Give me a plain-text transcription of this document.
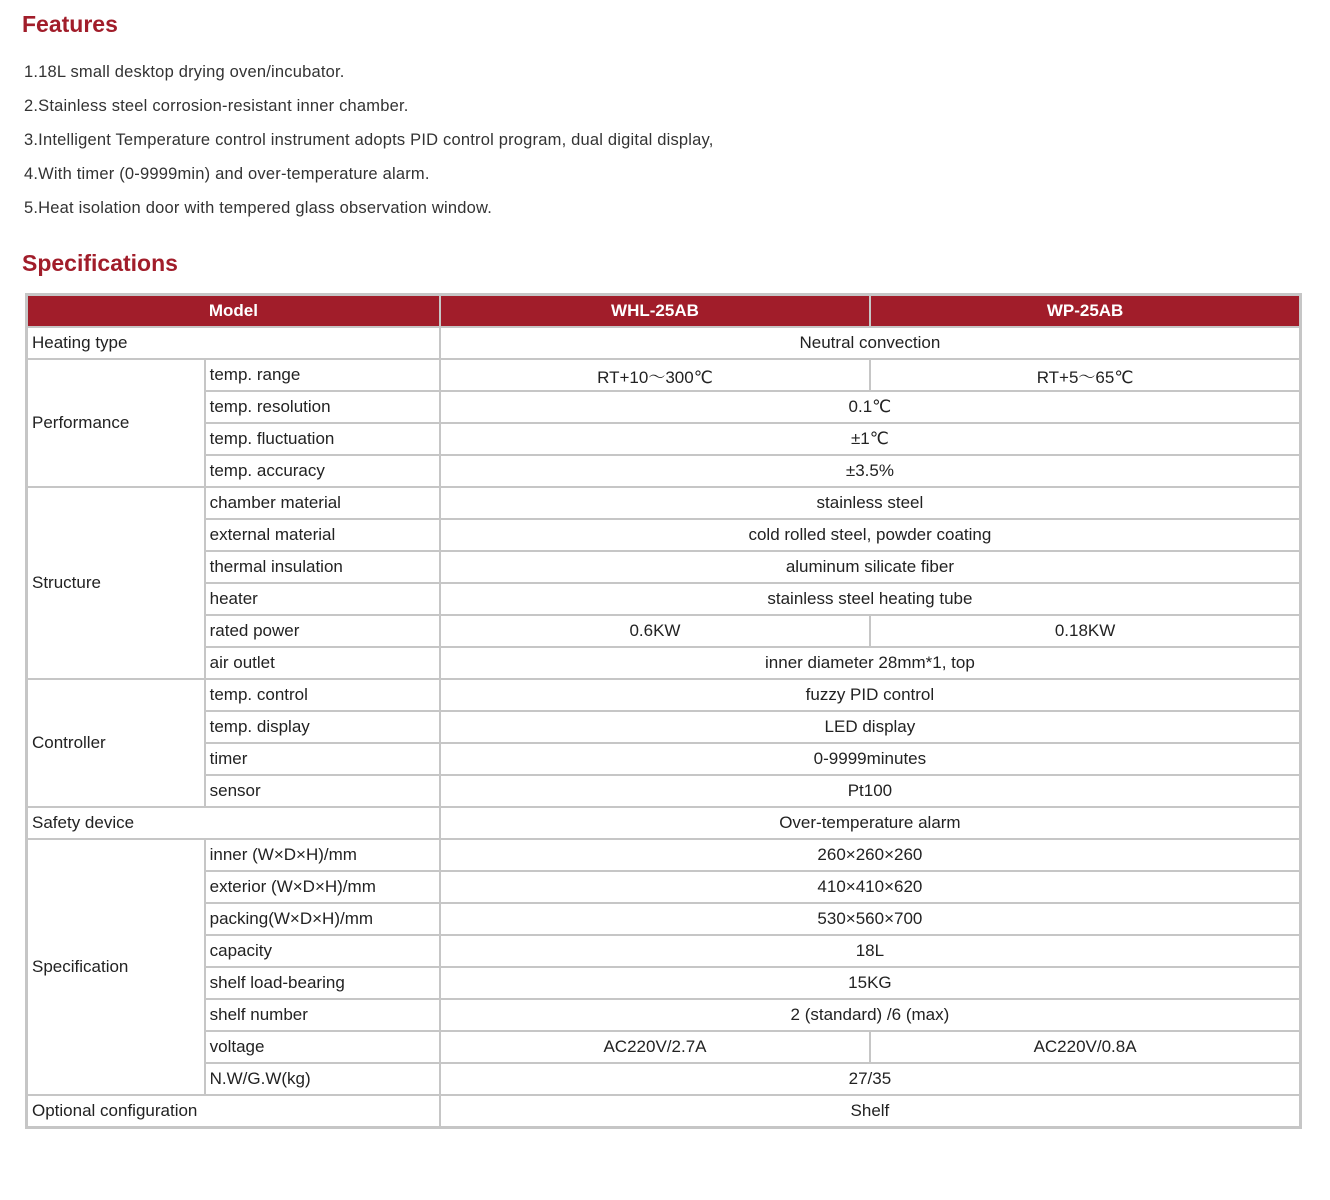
Features
1.18L small desktop drying oven/incubator.
2.Stainless steel corrosion-resistant inner chamber.
3.Intelligent Temperature control instrument adopts PID control program, dual digital display,
4.With timer (0-9999min) and over-temperature alarm.
5.Heat isolation door with tempered glass observation window.
Specifications
Model		WHL-25AB	WP-25AB
Heating type		Neutral convection	
Performance	temp. range	RT+10～300℃	RT+5～65℃
	temp. resolution	0.1℃	
	temp. fluctuation	±1℃	
	temp. accuracy	±3.5%	
Structure	chamber material	stainless steel	
	external material	cold rolled steel, powder coating	
	thermal insulation	aluminum silicate fiber	
	heater	stainless steel heating tube	
	rated power	0.6KW	0.18KW
	air outlet	inner diameter 28mm*1, top	
Controller	temp. control	fuzzy PID control	
	temp. display	LED display	
	timer	0-9999minutes	
	sensor	Pt100	
Safety device		Over-temperature alarm	
Specification	inner (W×D×H)/mm	260×260×260	
	exterior (W×D×H)/mm	410×410×620	
	packing(W×D×H)/mm	530×560×700	
	capacity	18L	
	shelf load-bearing	15KG	
	shelf number	2 (standard) /6 (max)	
	voltage	AC220V/2.7A	AC220V/0.8A
	N.W/G.W(kg)	27/35	
Optional configuration		Shelf	
